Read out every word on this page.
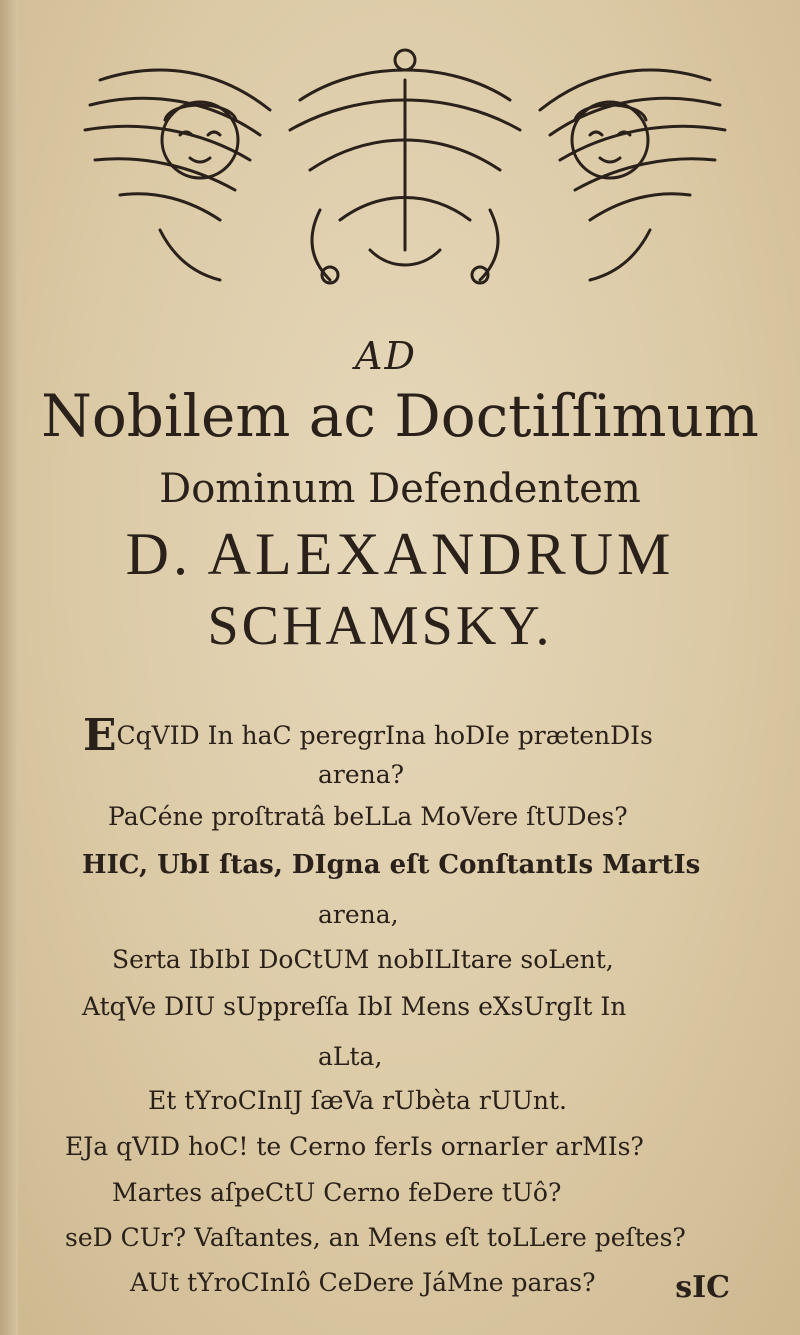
AD
Nobilem ac Doctiſſimum
Dominum Defendentem
D. ALEXANDRUM
SCHAMSKY.
ECqVID In haC peregrIna hoDIe prætenDIs
arena?
PaCéne proſtratâ beLLa MoVere ſtUDes?
HIC, UbI ſtas, DIgna eſt ConſtantIs MartIs
arena,
Serta IbIbI DoCtUM nobILItare soLent,
AtqVe DIU sUppreſſa IbI Mens eXsUrgIt In
aLta,
Et tYroCInIJ ſæVa rUbèta rUUnt.
EJa qVID hoC! te Cerno ferIs ornarIer arMIs?
Martes aſpeCtU Cerno feDere tUô?
seD CUr? Vaſtantes, an Mens eſt toLLere peſtes?
AUt tYroCInIô CeDere JáMne paras?	sIC
